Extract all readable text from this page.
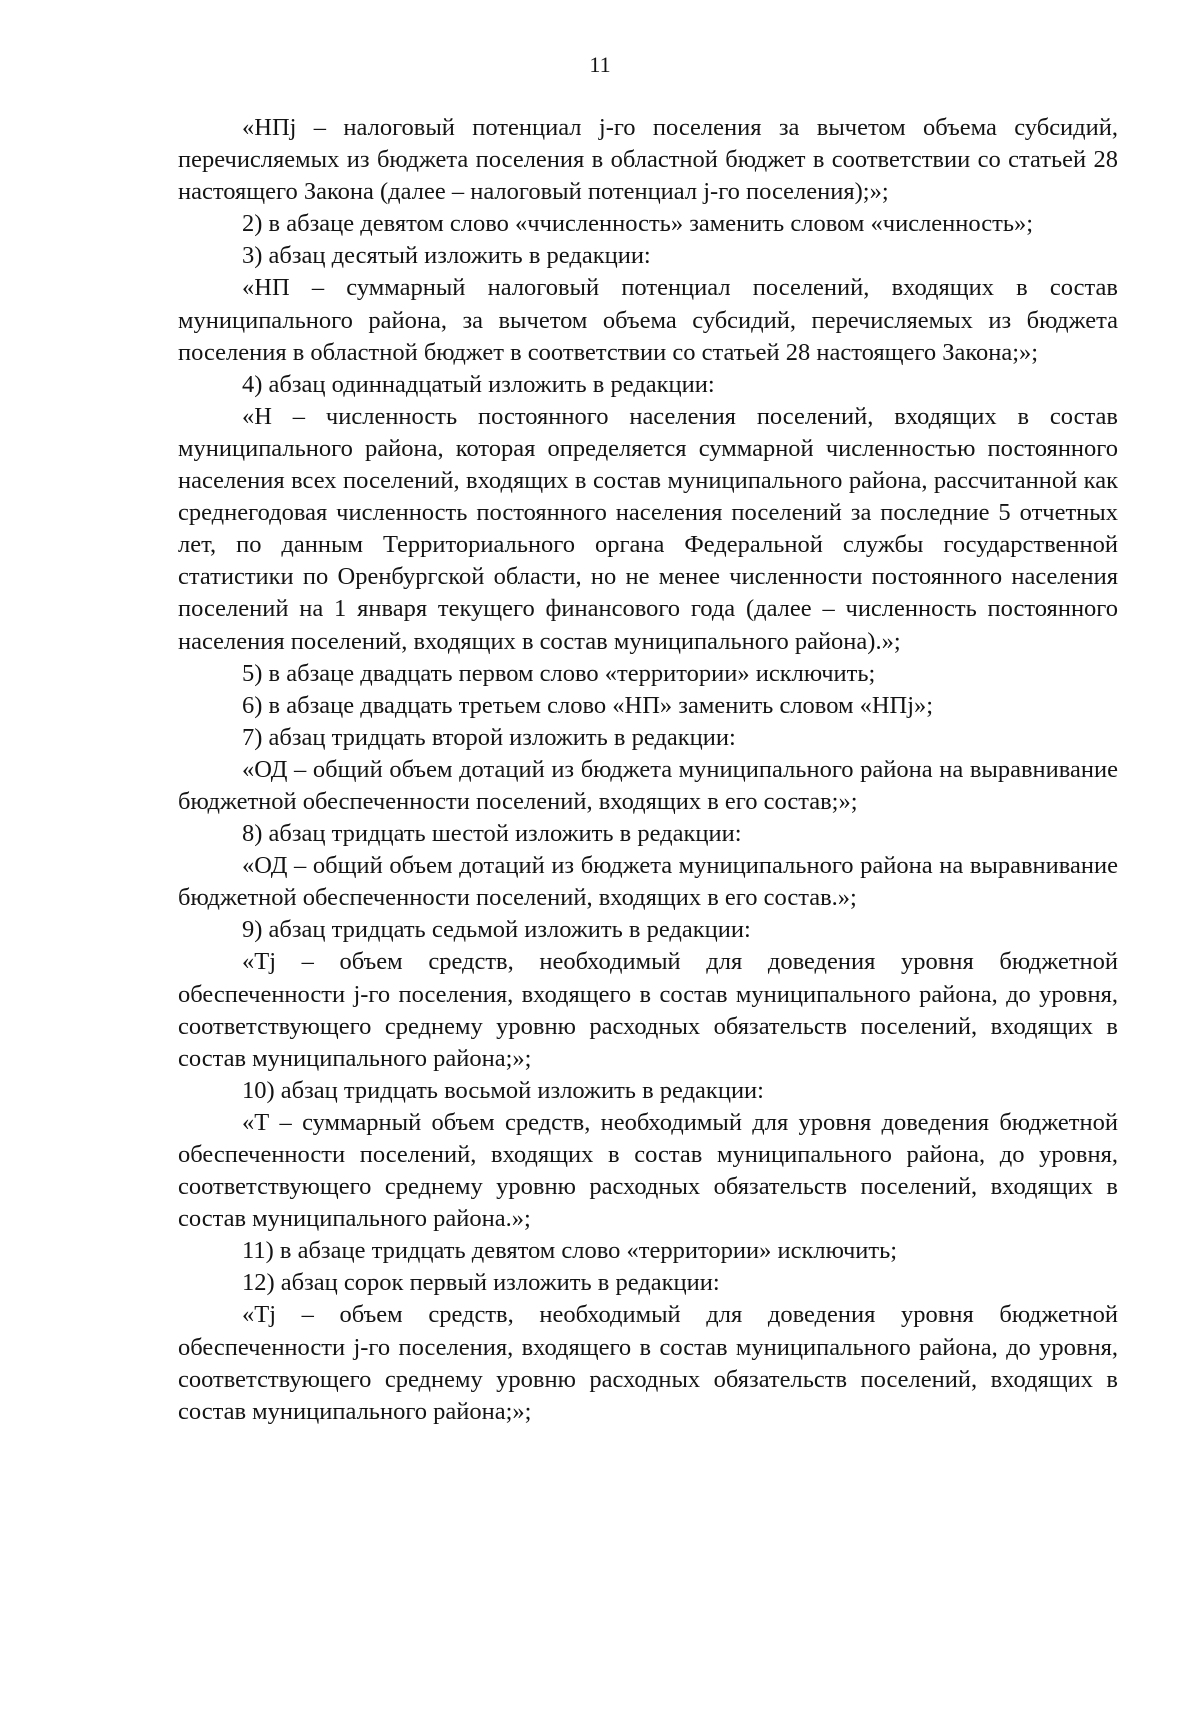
11

«НПj – налоговый потенциал j-го поселения за вычетом объема субсидий, перечисляемых из бюджета поселения в областной бюджет в соответствии со статьей 28 настоящего Закона (далее – налоговый потенциал j-го поселения);»;

2) в абзаце девятом слово «ччисленность» заменить словом «численность»;

3) абзац десятый изложить в редакции:

«НП – суммарный налоговый потенциал поселений, входящих в состав муниципального района, за вычетом объема субсидий, перечисляемых из бюджета поселения в областной бюджет в соответствии со статьей 28 настоящего Закона;»;

4) абзац одиннадцатый изложить в редакции:

«Н – численность постоянного населения поселений, входящих в состав муниципального района, которая определяется суммарной численностью постоянного населения всех поселений, входящих в состав муниципального района, рассчитанной как среднегодовая численность постоянного населения поселений за последние 5 отчетных лет, по данным Территориального органа Федеральной службы государственной статистики по Оренбургской области, но не менее численности постоянного населения поселений на 1 января текущего финансового года (далее – численность постоянного населения поселений, входящих в состав муниципального района).»;

5) в абзаце двадцать первом слово «территории» исключить;

6) в абзаце двадцать третьем слово «НП» заменить словом «НПj»;

7) абзац тридцать второй изложить в редакции:

«ОД – общий объем дотаций из бюджета муниципального района на выравнивание бюджетной обеспеченности поселений, входящих в его состав;»;

8) абзац тридцать шестой изложить в редакции:

«ОД – общий объем дотаций из бюджета муниципального района на выравнивание бюджетной обеспеченности поселений, входящих в его состав.»;

9) абзац тридцать седьмой изложить в редакции:

«Тj – объем средств, необходимый для доведения уровня бюджетной обеспеченности j-го поселения, входящего в состав муниципального района, до уровня, соответствующего среднему уровню расходных обязательств поселений, входящих в состав муниципального района;»;

10) абзац тридцать восьмой изложить в редакции:

«Т – суммарный объем средств, необходимый для уровня доведения бюджетной обеспеченности поселений, входящих в состав муниципального района, до уровня, соответствующего среднему уровню расходных обязательств поселений, входящих в состав муниципального района.»;

11) в абзаце тридцать девятом слово «территории» исключить;

12) абзац сорок первый изложить в редакции:

«Тj – объем средств, необходимый для доведения уровня бюджетной обеспеченности j-го поселения, входящего в состав муниципального района, до уровня, соответствующего среднему уровню расходных обязательств поселений, входящих в состав муниципального района;»;
